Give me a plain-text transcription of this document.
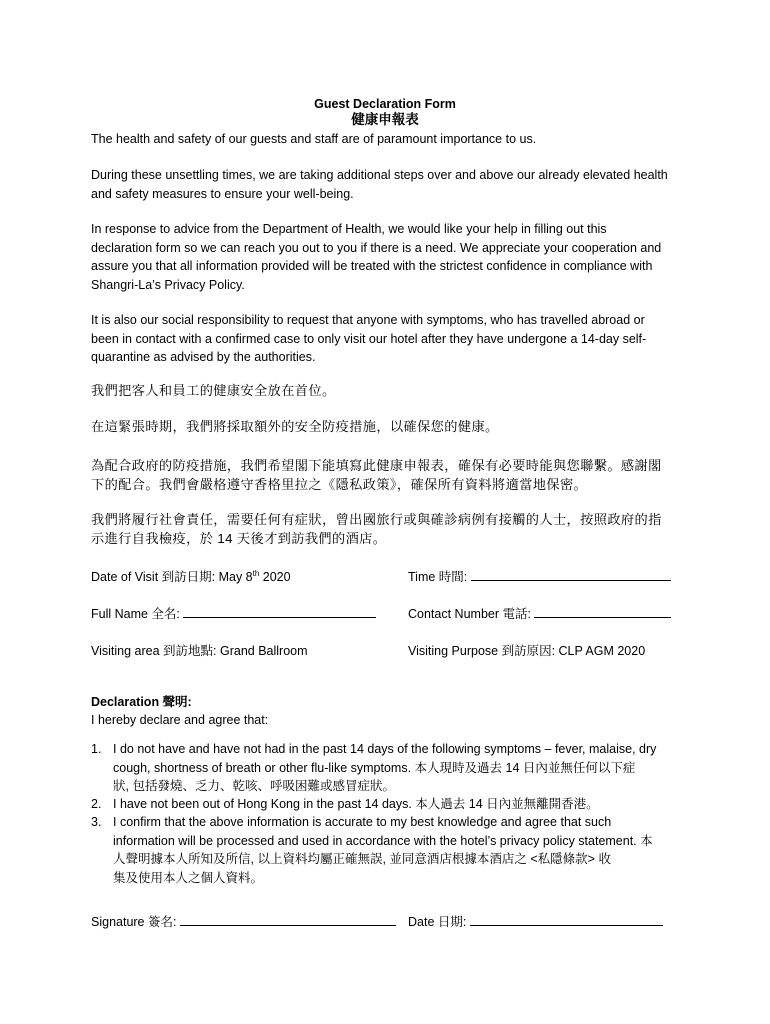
Guest Declaration Form
健康申報表
The health and safety of our guests and staff are of paramount importance to us.
During these unsettling times, we are taking additional steps over and above our already elevated health
and safety measures to ensure your well-being.
In response to advice from the Department of Health, we would like your help in filling out this
declaration form so we can reach you out to you if there is a need. We appreciate your cooperation and
assure you that all information provided will be treated with the strictest confidence in compliance with
Shangri-La’s Privacy Policy.
It is also our social responsibility to request that anyone with symptoms, who has travelled abroad or
been in contact with a confirmed case to only visit our hotel after they have undergone a 14-day self-
quarantine as advised by the authorities.
我們把客人和員工的健康安全放在首位。
在這緊張時期，我們將採取額外的安全防疫措施，以確保您的健康。
為配合政府的防疫措施，我們希望閣下能填寫此健康申報表，確保有必要時能與您聯繫。感謝閣
下的配合。我們會嚴格遵守香格里拉之《隱私政策》，確保所有資料將適當地保密。
我們將履行社會責任，需要任何有症狀，曾出國旅行或與確診病例有接觸的人士，按照政府的指
示進行自我檢疫，於 14 天後才到訪我們的酒店。
Date of Visit 到訪日期: May 8th 2020	Time 時間:
Full Name 全名:	Contact Number 電話:
Visiting area 到訪地點: Grand Ballroom	Visiting Purpose 到訪原因: CLP AGM 2020
Declaration 聲明:
I hereby declare and agree that:
1. I do not have and have not had in the past 14 days of the following symptoms – fever, malaise, dry
cough, shortness of breath or other flu-like symptoms. 本人現時及過去 14 日內並無任何以下症
狀, 包括發燒、乏力、乾咳、呼吸困難或感冒症狀。
2. I have not been out of Hong Kong in the past 14 days. 本人過去 14 日內並無離開香港。
3. I confirm that the above information is accurate to my best knowledge and agree that such
information will be processed and used in accordance with the hotel’s privacy policy statement. 本
人聲明據本人所知及所信, 以上資料均屬正確無誤, 並同意酒店根據本酒店之 <私隱條款> 收
集及使用本人之個人資料。
Signature 簽名:	Date 日期:
